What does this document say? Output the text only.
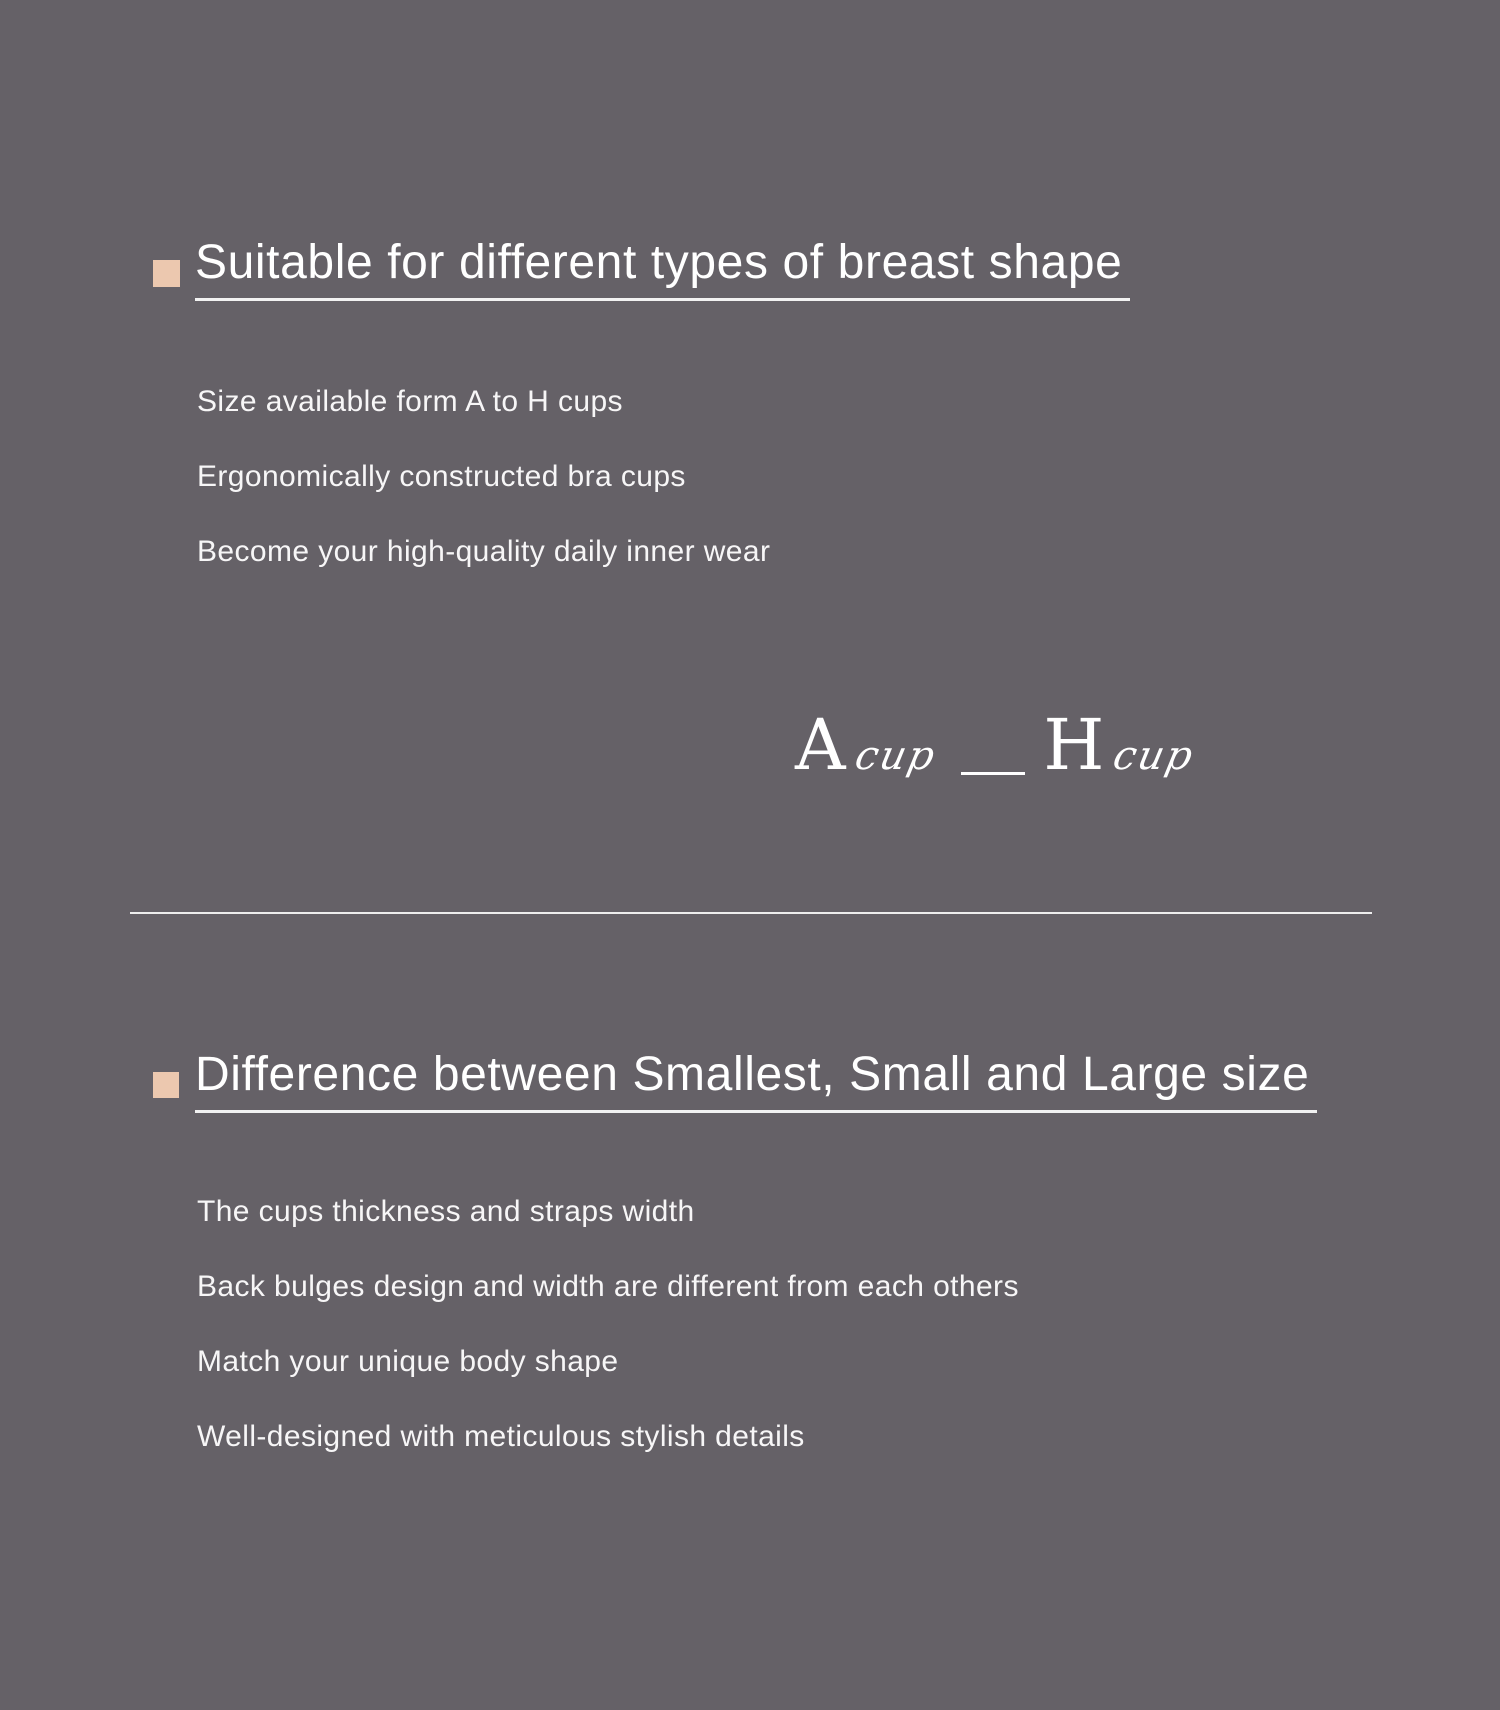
Suitable for different types of breast shape
Size available form A to H cups
Ergonomically constructed bra cups
Become your high-quality daily inner wear
A cup H cup
Difference between Smallest, Small and Large size
The cups thickness and straps width
Back bulges design and width are different from each others
Match your unique body shape
Well-designed with meticulous stylish details
